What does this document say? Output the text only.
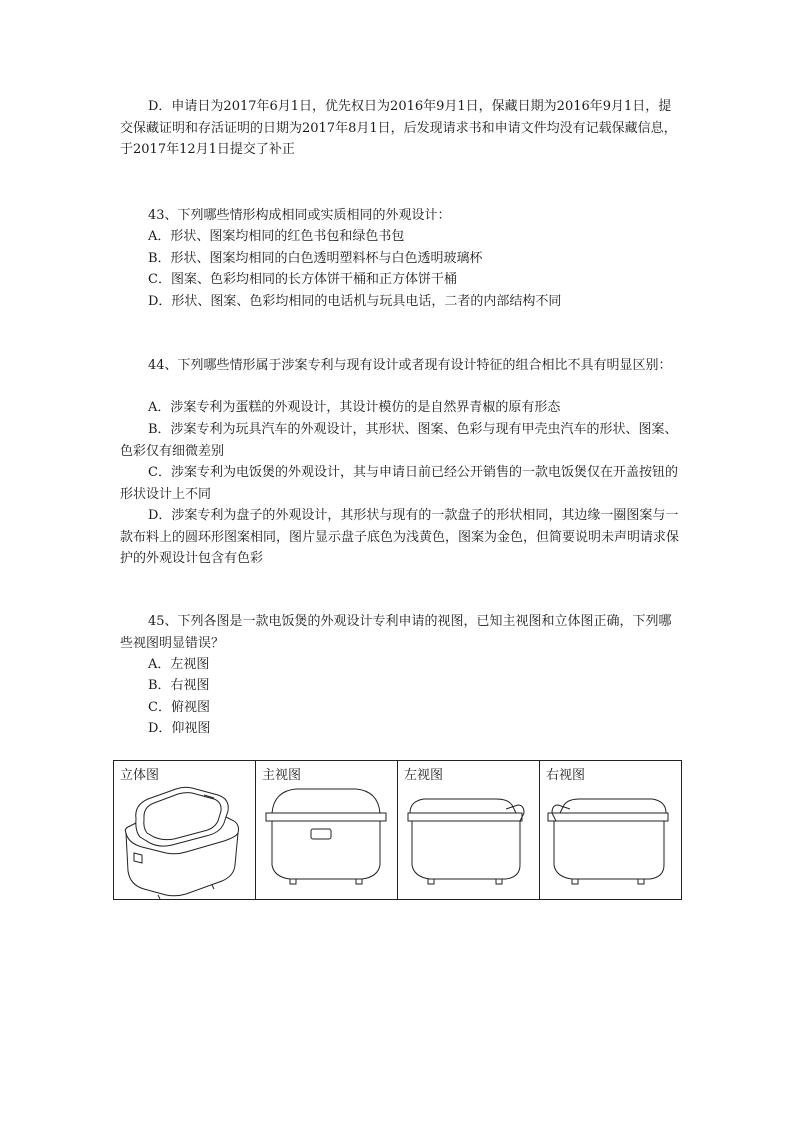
D．申请日为2017年6月1日，优先权日为2016年9月1日，保藏日期为2016年9月1日，提交保藏证明和存活证明的日期为2017年8月1日，后发现请求书和申请文件均没有记载保藏信息，于2017年12月1日提交了补正
43、下列哪些情形构成相同或实质相同的外观设计：
A．形状、图案均相同的红色书包和绿色书包
B．形状、图案均相同的白色透明塑料杯与白色透明玻璃杯
C．图案、色彩均相同的长方体饼干桶和正方体饼干桶
D．形状、图案、色彩均相同的电话机与玩具电话，二者的内部结构不同
44、下列哪些情形属于涉案专利与现有设计或者现有设计特征的组合相比不具有明显区别：
A．涉案专利为蛋糕的外观设计，其设计模仿的是自然界青椒的原有形态
B．涉案专利为玩具汽车的外观设计，其形状、图案、色彩与现有甲壳虫汽车的形状、图案、色彩仅有细微差别
C．涉案专利为电饭煲的外观设计，其与申请日前已经公开销售的一款电饭煲仅在开盖按钮的形状设计上不同
D．涉案专利为盘子的外观设计，其形状与现有的一款盘子的形状相同，其边缘一圈图案与一款布料上的圆环形图案相同，图片显示盘子底色为浅黄色，图案为金色，但简要说明未声明请求保护的外观设计包含有色彩
45、下列各图是一款电饭煲的外观设计专利申请的视图，已知主视图和立体图正确，下列哪些视图明显错误？
A．左视图
B．右视图
C．俯视图
D．仰视图
立体图	主视图	左视图	右视图
